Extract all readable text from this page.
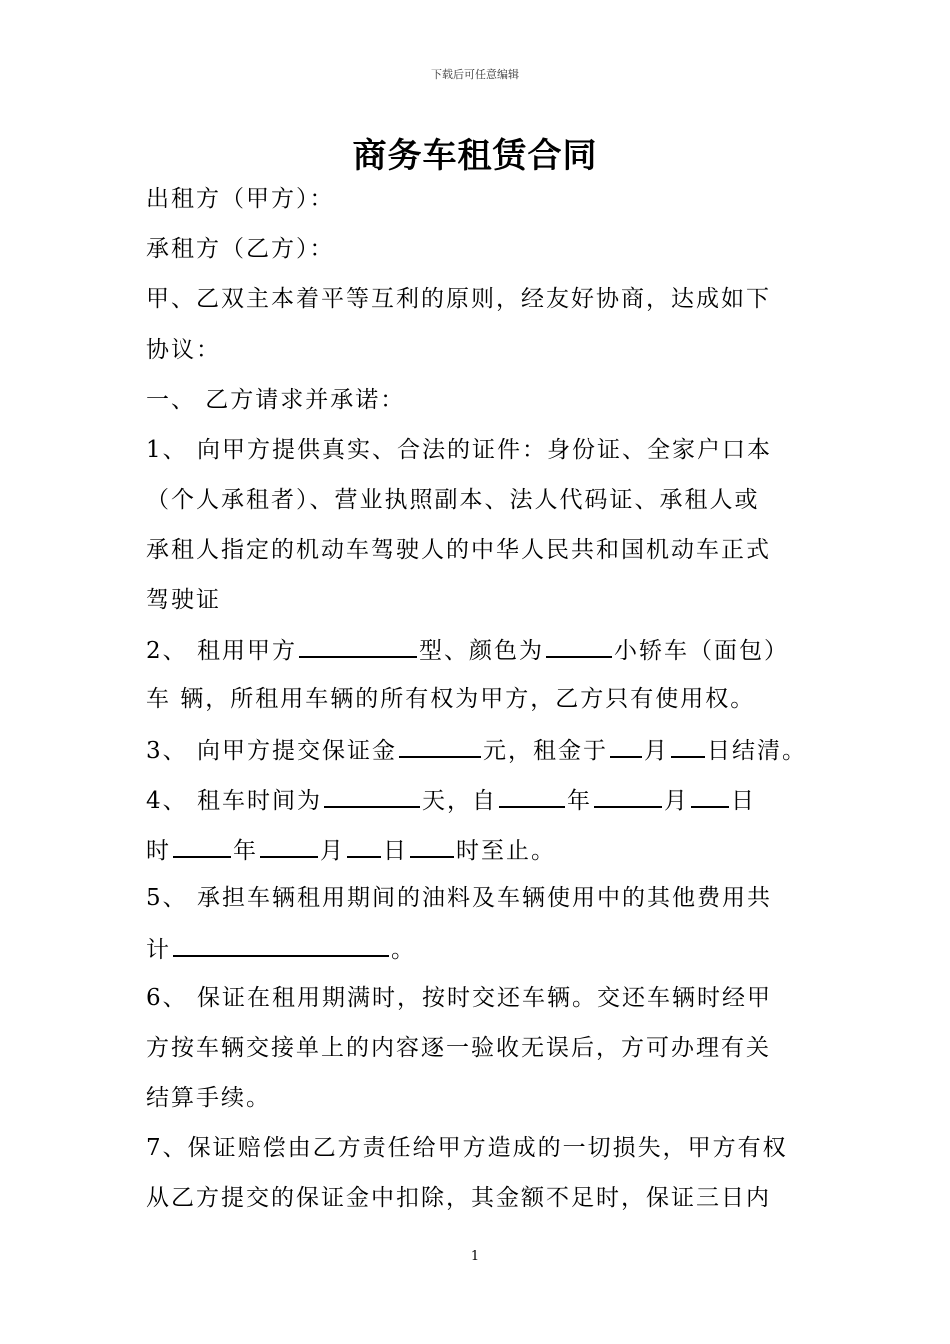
下载后可任意编辑
商务车租赁合同
出租方（甲方）：
承租方（乙方）：
甲、乙双主本着平等互利的原则，经友好协商，达成如下
协议：
一、 乙方请求并承诺：
1、 向甲方提供真实、合法的证件：身份证、全家户口本
（个人承租者）、营业执照副本、法人代码证、承租人或
承租人指定的机动车驾驶人的中华人民共和国机动车正式
驾驶证
2、 租用甲方	型、颜色为	小轿车（面包）
车 辆，所租用车辆的所有权为甲方，乙方只有使用权。
3、 向甲方提交保证金	元，租金于 月 日结清。
4、 租车时间为	天，自	年	月 日
时	年	月 日 时至止。
5、 承担车辆租用期间的油料及车辆使用中的其他费用共
计	。
6、 保证在租用期满时，按时交还车辆。交还车辆时经甲
方按车辆交接单上的内容逐一验收无误后，方可办理有关
结算手续。
7、保证赔偿由乙方责任给甲方造成的一切损失，甲方有权
从乙方提交的保证金中扣除，其金额不足时，保证三日内
1
